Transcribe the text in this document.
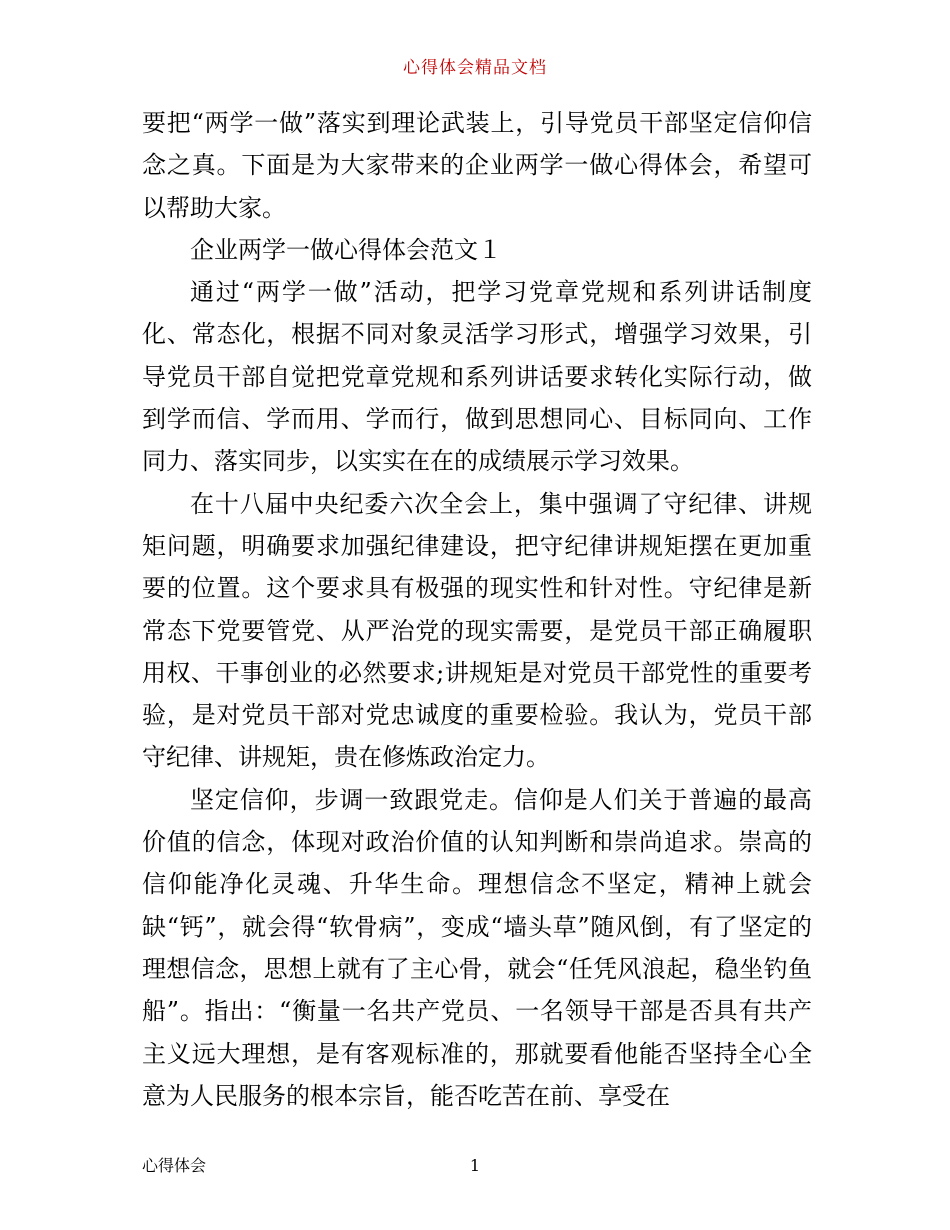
心得体会精品文档

要把“两学一做”落实到理论武装上，引导党员干部坚定信仰信念之真。下面是为大家带来的企业两学一做心得体会，希望可以帮助大家。

企业两学一做心得体会范文１

通过“两学一做”活动，把学习党章党规和系列讲话制度化、常态化，根据不同对象灵活学习形式，增强学习效果，引导党员干部自觉把党章党规和系列讲话要求转化实际行动，做到学而信、学而用、学而行，做到思想同心、目标同向、工作同力、落实同步，以实实在在的成绩展示学习效果。

在十八届中央纪委六次全会上，集中强调了守纪律、讲规矩问题，明确要求加强纪律建设，把守纪律讲规矩摆在更加重要的位置。这个要求具有极强的现实性和针对性。守纪律是新常态下党要管党、从严治党的现实需要，是党员干部正确履职用权、干事创业的必然要求;讲规矩是对党员干部党性的重要考验，是对党员干部对党忠诚度的重要检验。我认为，党员干部守纪律、讲规矩，贵在修炼政治定力。

坚定信仰，步调一致跟党走。信仰是人们关于普遍的最高价值的信念，体现对政治价值的认知判断和崇尚追求。崇高的信仰能净化灵魂、升华生命。理想信念不坚定，精神上就会缺“钙”，就会得“软骨病”，变成“墙头草”随风倒，有了坚定的理想信念，思想上就有了主心骨，就会“任凭风浪起，稳坐钓鱼船”。指出：“衡量一名共产党员、一名领导干部是否具有共产主义远大理想，是有客观标准的，那就要看他能否坚持全心全意为人民服务的根本宗旨，能否吃苦在前、享受在

心得体会	1
